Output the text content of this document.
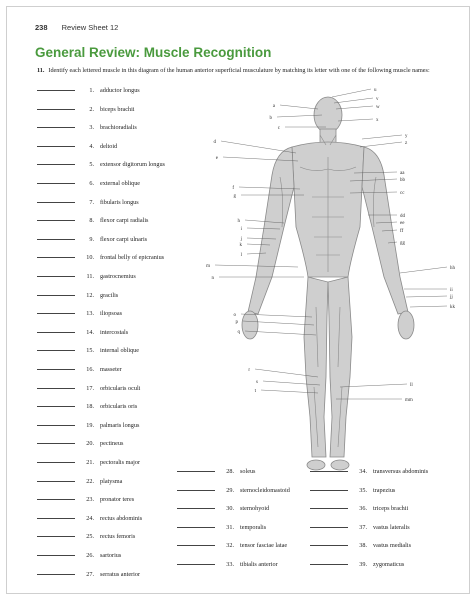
238 Review Sheet 12
General Review: Muscle Recognition
11. Identify each lettered muscle in this diagram of the human anterior superficial musculature by matching its letter with one of the following muscle names:
1. adductor longus
2. biceps brachii
3. brachioradialis
4. deltoid
5. extensor digitorum longus
6. external oblique
7. fibularis longus
8. flexor carpi radialis
9. flexor carpi ulnaris
10. frontal belly of epicranius
11. gastrocnemius
12. gracilis
13. iliopsoas
14. intercostals
15. internal oblique
16. masseter
17. orbicularis oculi
18. orbicularis oris
19. palmaris longus
20. pectineus
21. pectoralis major
22. platysma
23. pronator teres
24. rectus abdominis
25. rectus femoris
26. sartorius
27. serratus anterior
28. soleus
29. sternocleidomastoid
30. sternohyoid
31. temporalis
32. tensor fasciae latae
33. tibialis anterior
34. transversus abdominis
35. trapezius
36. triceps brachii
37. vastus lateralis
38. vastus medialis
39. zygomaticus
a
b
c
d
e
f
g
h
i
j
k
l
m
n
o
p
q
r
s
t
u
v
w
x
y
z
aa
bb
cc
dd
ee
ff
gg
hh
ii
jj
kk
ll
mm
